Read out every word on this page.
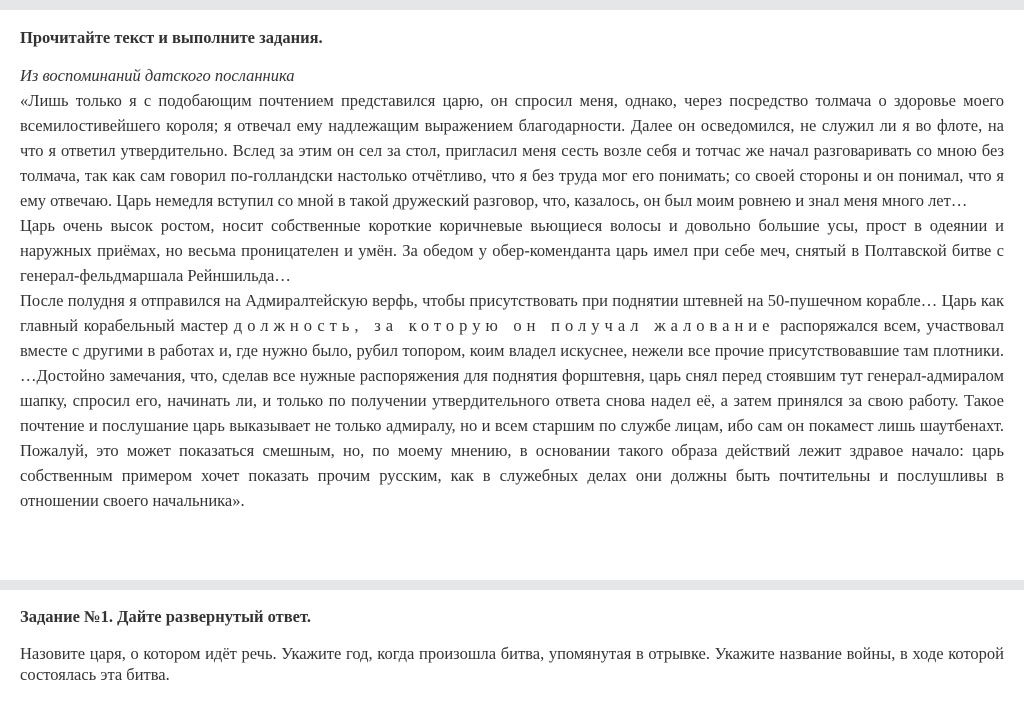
Прочитайте текст и выполните задания.

Из воспоминаний датского посланника

«Лишь только я с подобающим почтением представился царю, он спросил меня, однако, через посредство толмача о здоровье моего всемилостивейшего короля; я отвечал ему надлежащим выражением благодарности. Далее он осведомился, не служил ли я во флоте, на что я ответил утвердительно. Вслед за этим он сел за стол, пригласил меня сесть возле себя и тотчас же начал разговаривать со мною без толмача, так как сам говорил по-голландски настолько отчётливо, что я без труда мог его понимать; со своей стороны и он понимал, что я ему отвечаю. Царь немедля вступил со мной в такой дружеский разговор, что, казалось, он был моим ровнею и знал меня много лет…

Царь очень высок ростом, носит собственные короткие коричневые вьющиеся волосы и довольно большие усы, прост в одеянии и наружных приёмах, но весьма проницателен и умён. За обедом у обер-коменданта царь имел при себе меч, снятый в Полтавской битве с генерал-фельдмаршала Рейншильда…

После полудня я отправился на Адмиралтейскую верфь, чтобы присутствовать при поднятии штевней на 50-пушечном корабле… Царь как главный корабельный мастер должность, за которую он получал жалование распоряжался всем, участвовал вместе с другими в работах и, где нужно было, рубил топором, коим владел искуснее, нежели все прочие присутствовавшие там плотники. …Достойно замечания, что, сделав все нужные распоряжения для поднятия форштевня, царь снял перед стоявшим тут генерал-адмиралом шапку, спросил его, начинать ли, и только по получении утвердительного ответа снова надел её, а затем принялся за свою работу. Такое почтение и послушание царь выказывает не только адмиралу, но и всем старшим по службе лицам, ибо сам он покамест лишь шаутбенахт. Пожалуй, это может показаться смешным, но, по моему мнению, в основании такого образа действий лежит здравое начало: царь собственным примером хочет показать прочим русским, как в служебных делах они должны быть почтительны и послушливы в отношении своего начальника».

Задание №1. Дайте развернутый ответ.

Назовите царя, о котором идёт речь. Укажите год, когда произошла битва, упомянутая в отрывке. Укажите название войны, в ходе которой состоялась эта битва.
